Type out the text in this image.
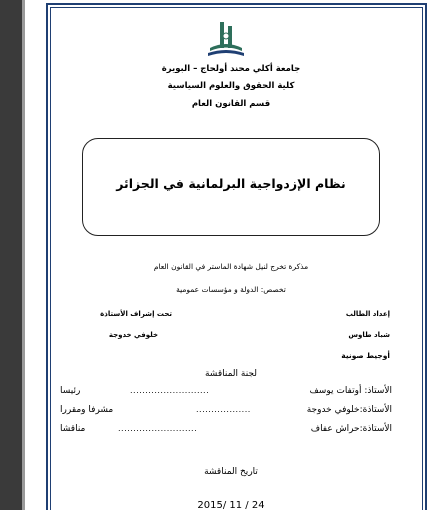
جامعة أكلي محند أولحاج – البويرة
كلية الحقوق والعلوم السياسية
قسم القانون العام
نظام الإزدواجية البرلمانية في الجزائر
مذكرة تخرج لنيل شهادة الماستر في القانون العام
تخصص: الدولة و مؤسسات عمومية
إعداد الطالب
تحت إشراف الأستاذة
شباد طاوس
خلوفي خدوجة
أوجيط صونية
لجنة المناقشة
الأستاذ: أوتفات يوسف
..........................
رئيسا
الأستاذة:خلوفي خدوجة
..................
مشرفا ومقررا
الأستاذة:حراش عفاف
..........................
مناقشا
تاريخ المناقشة
2015/ 11 / 24
